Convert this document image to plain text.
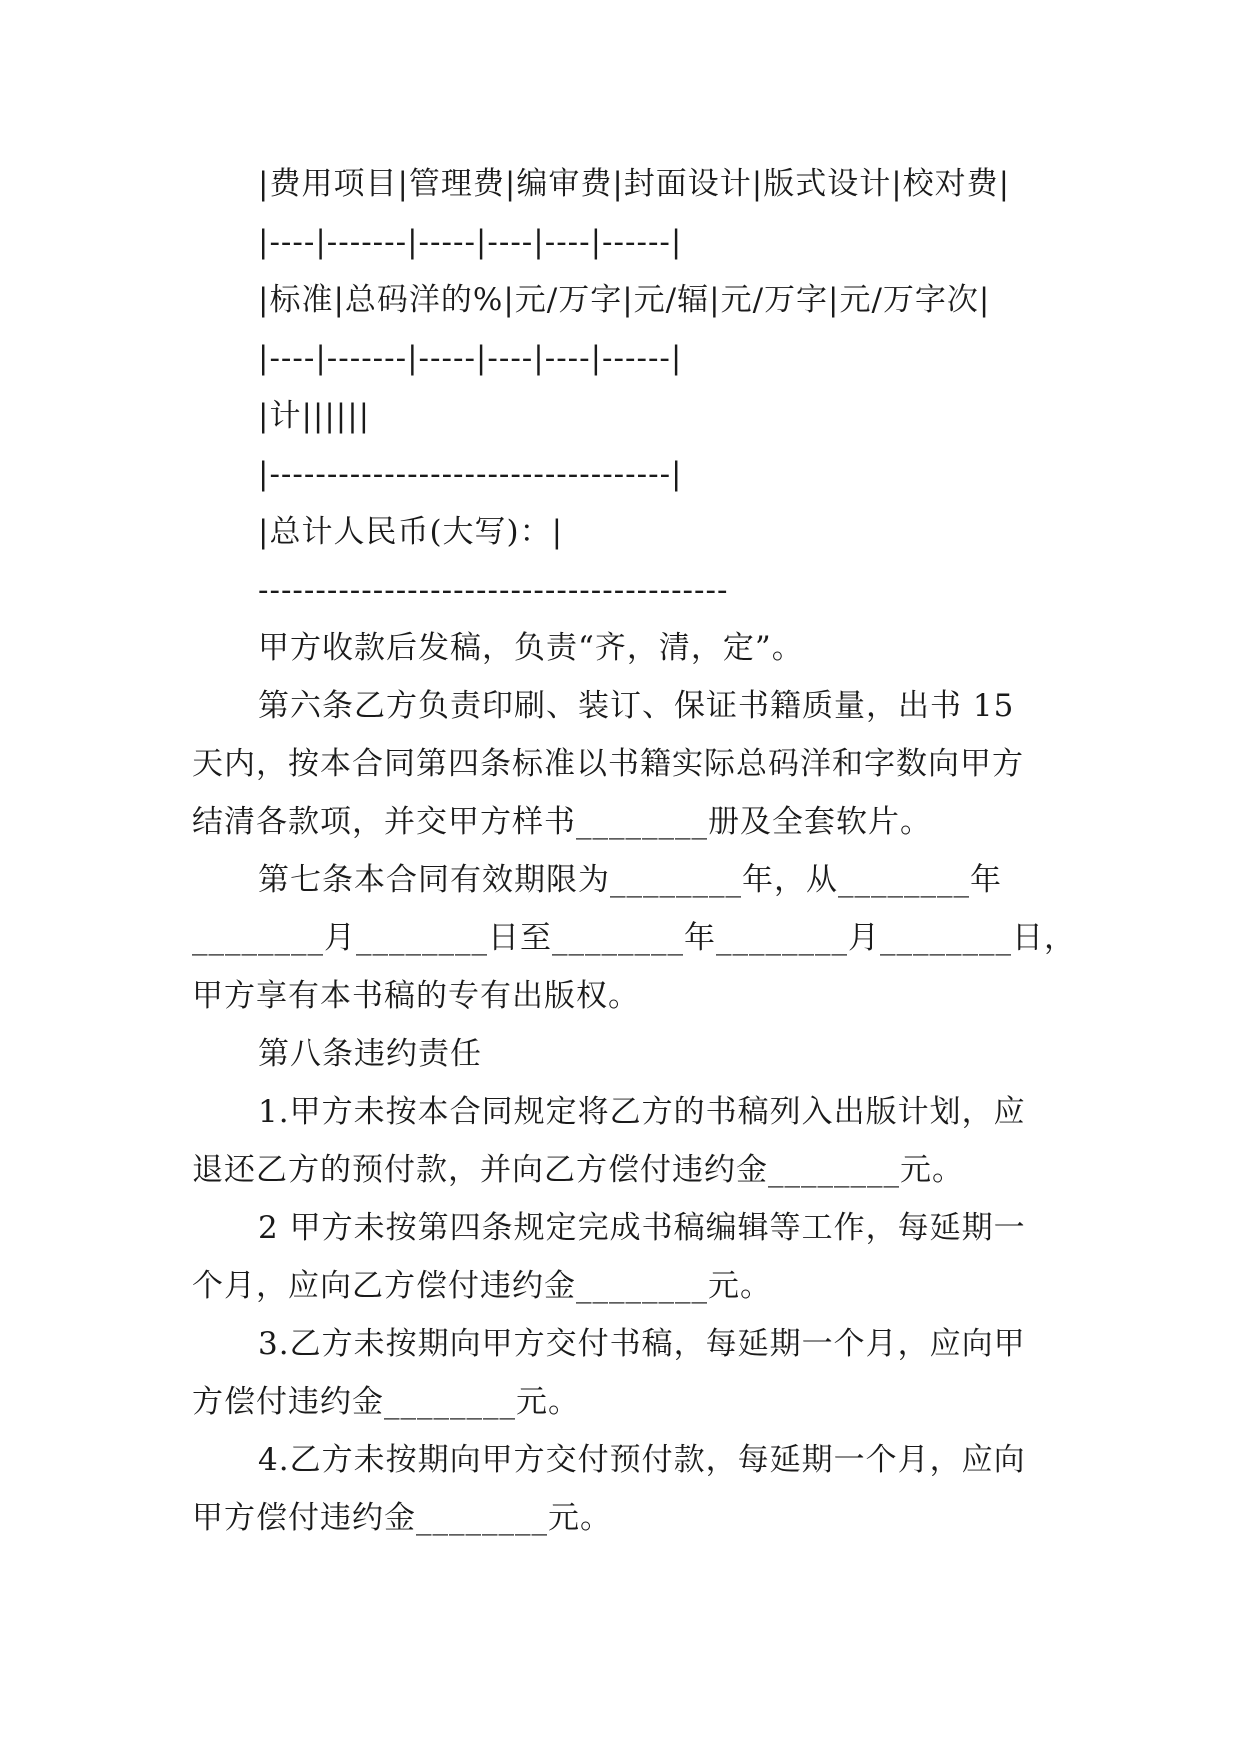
|费用项目|管理费|编审费|封面设计|版式设计|校对费|
|----|-------|-----|----|----|------|
|标准|总码洋的%|元/万字|元/辐|元/万字|元/万字次|
|----|-------|-----|----|----|------|
|计||||||
|-----------------------------------|
|总计人民币(大写)：|
-----------------------------------------
甲方收款后发稿，负责“齐，清，定”。
第六条乙方负责印刷、装订、保证书籍质量，出书 15
天内，按本合同第四条标准以书籍实际总码洋和字数向甲方
结清各款项，并交甲方样书________册及全套软片。
第七条本合同有效期限为________年，从________年
________月________日至________年________月________日，
甲方享有本书稿的专有出版权。
第八条违约责任
1.甲方未按本合同规定将乙方的书稿列入出版计划，应
退还乙方的预付款，并向乙方偿付违约金________元。
2 甲方未按第四条规定完成书稿编辑等工作，每延期一
个月，应向乙方偿付违约金________元。
3.乙方未按期向甲方交付书稿，每延期一个月，应向甲
方偿付违约金________元。
4.乙方未按期向甲方交付预付款，每延期一个月，应向
甲方偿付违约金________元。
